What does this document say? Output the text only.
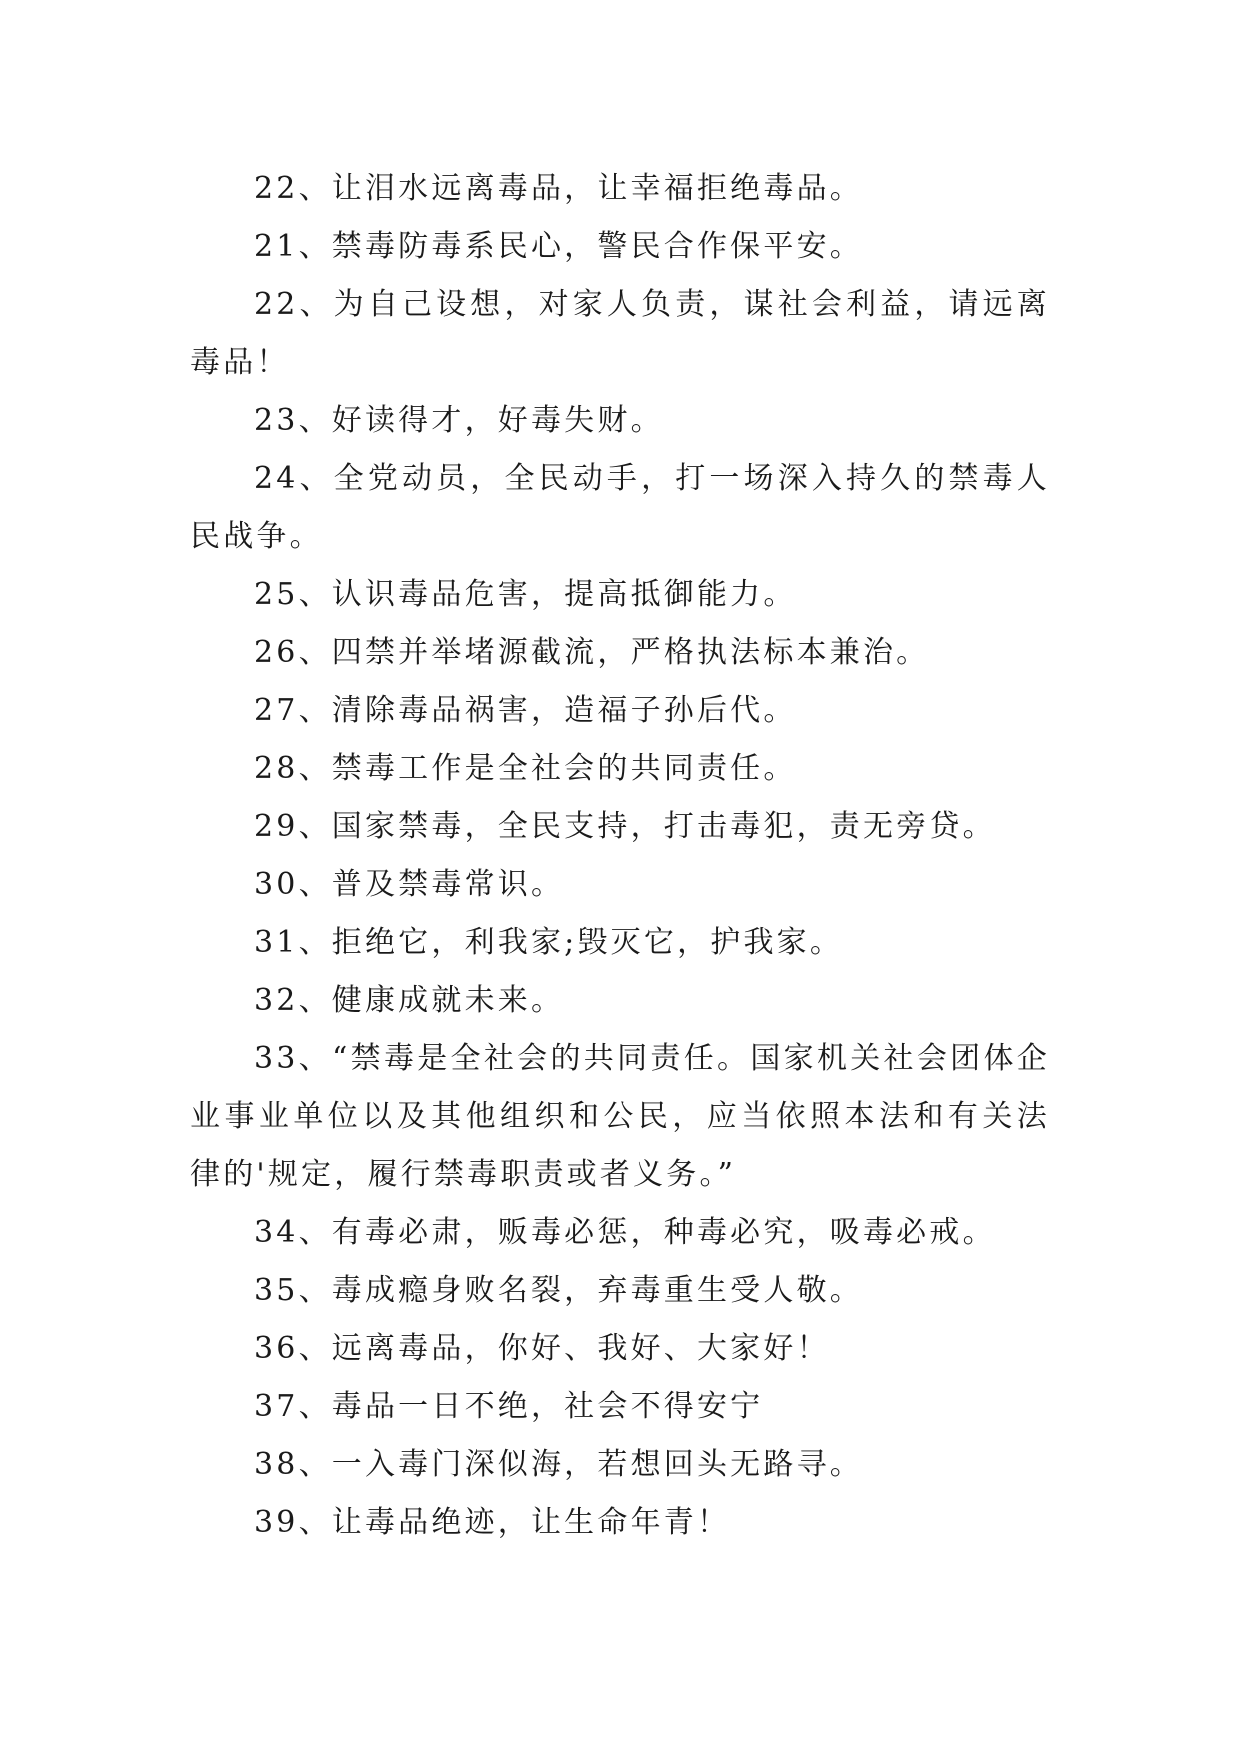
22、让泪水远离毒品，让幸福拒绝毒品。

21、禁毒防毒系民心，警民合作保平安。

22、为自己设想，对家人负责，谋社会利益，请远离毒品！

23、好读得才，好毒失财。

24、全党动员，全民动手，打一场深入持久的禁毒人民战争。

25、认识毒品危害，提高抵御能力。

26、四禁并举堵源截流，严格执法标本兼治。

27、清除毒品祸害，造福子孙后代。

28、禁毒工作是全社会的共同责任。

29、国家禁毒，全民支持，打击毒犯，责无旁贷。

30、普及禁毒常识。

31、拒绝它，利我家;毁灭它，护我家。

32、健康成就未来。

33、“禁毒是全社会的共同责任。国家机关社会团体企业事业单位以及其他组织和公民，应当依照本法和有关法律的'规定，履行禁毒职责或者义务。”

34、有毒必肃，贩毒必惩，种毒必究，吸毒必戒。

35、毒成瘾身败名裂，弃毒重生受人敬。

36、远离毒品，你好、我好、大家好！

37、毒品一日不绝，社会不得安宁

38、一入毒门深似海，若想回头无路寻。

39、让毒品绝迹，让生命年青！
